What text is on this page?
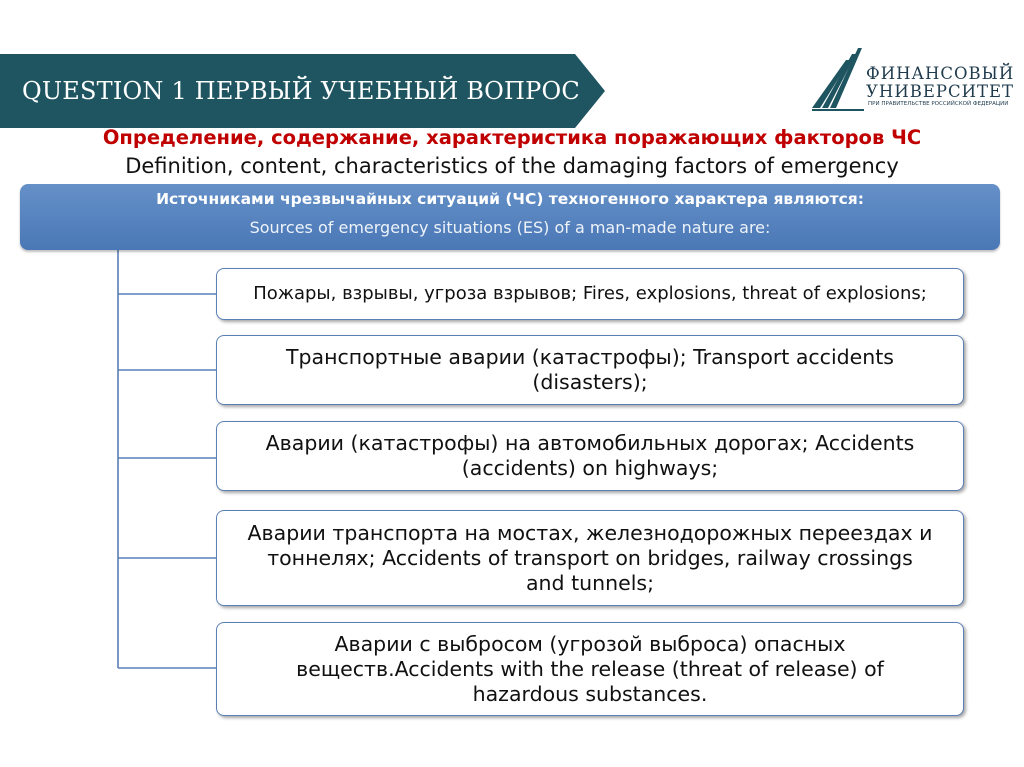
QUESTION 1 ПЕРВЫЙ УЧЕБНЫЙ ВОПРОС
ФИНАНСОВЫЙ
УНИВЕРСИТЕТ
ПРИ ПРАВИТЕЛЬСТВЕ РОССИЙСКОЙ ФЕДЕРАЦИИ
Определение, содержание, характеристика поражающих факторов ЧС
Definition, content, characteristics of the damaging factors of emergency
Источниками чрезвычайных ситуаций (ЧС) техногенного характера являются:
Sources of emergency situations (ES) of a man-made nature are:
Пожары, взрывы, угроза взрывов; Fires, explosions, threat of explosions;
Транспортные аварии (катастрофы); Transport accidents (disasters);
Аварии (катастрофы) на автомобильных дорогах; Accidents (accidents) on highways;
Аварии транспорта на мостах, железнодорожных переездах и тоннелях; Accidents of transport on bridges, railway crossings and tunnels;
Аварии с выбросом (угрозой выброса) опасных веществ.Accidents with the release (threat of release) of hazardous substances.
